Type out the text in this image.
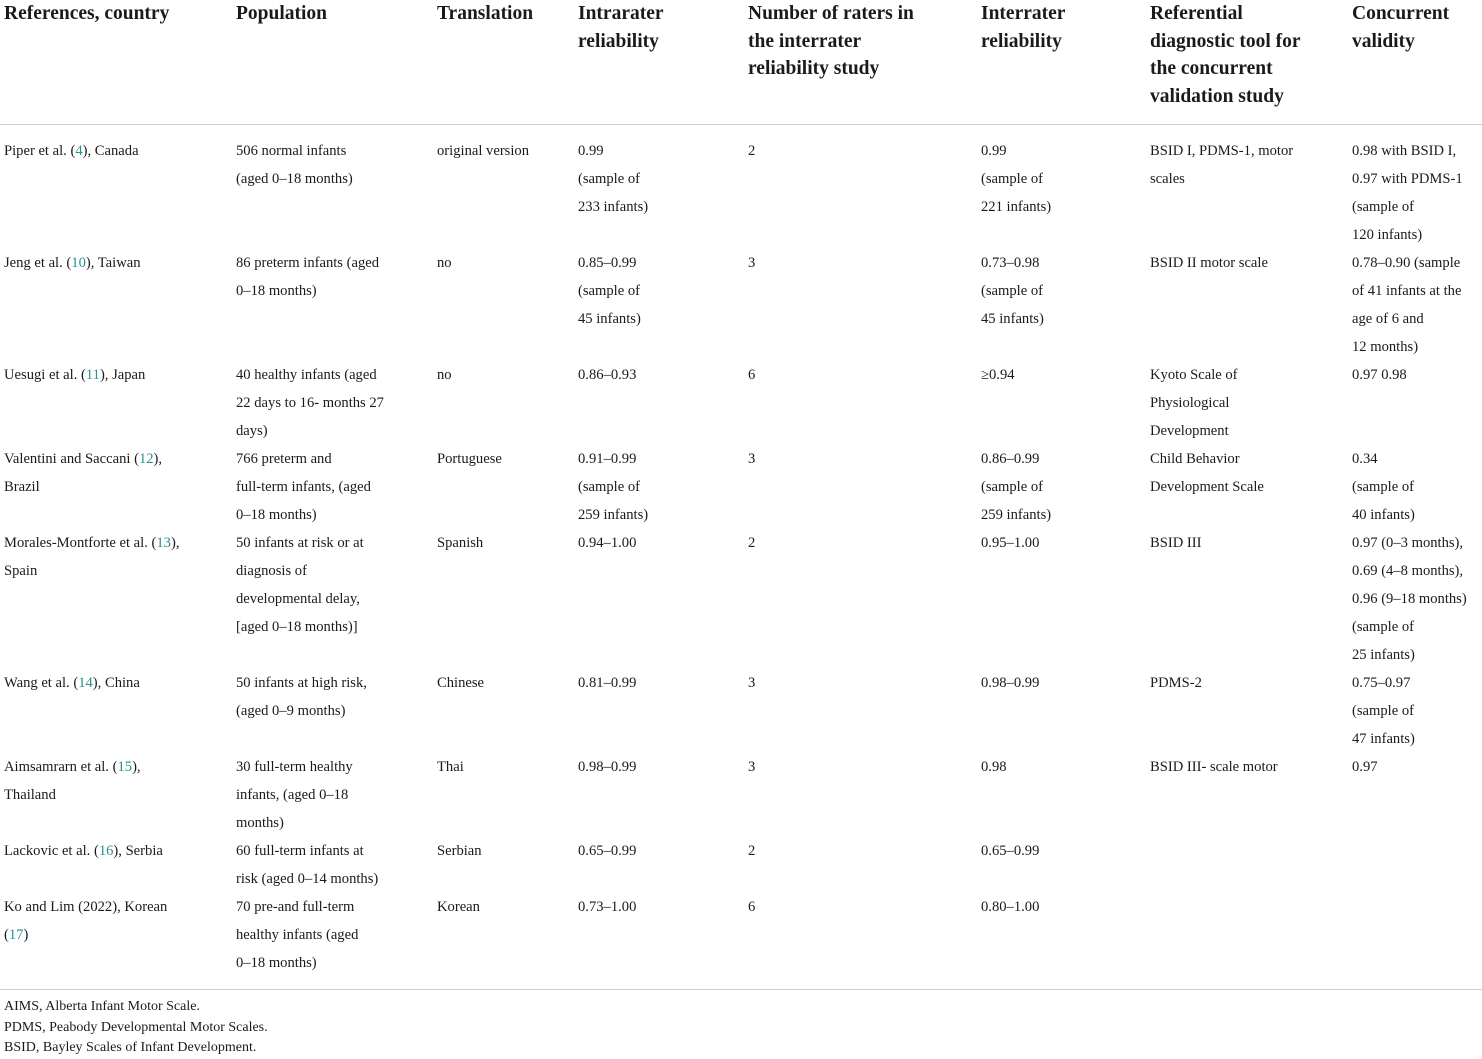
References, country	Population	Translation	Intrarater
reliability	Number of raters in
the interrater
reliability study	Interrater
reliability	Referential
diagnostic tool for
the concurrent
validation study	Concurrent
validity

Piper et al. (4), Canada	506 normal infants
(aged 0–18 months)	original version	0.99
(sample of
233 infants)	2	0.99
(sample of
221 infants)	BSID I, PDMS-1, motor
scales	0.98 with BSID I,
0.97 with PDMS-1
(sample of
120 infants)

Jeng et al. (10), Taiwan	86 preterm infants (aged
0–18 months)	no	0.85–0.99
(sample of
45 infants)	3	0.73–0.98
(sample of
45 infants)	BSID II motor scale	0.78–0.90 (sample
of 41 infants at the
age of 6 and
12 months)

Uesugi et al. (11), Japan	40 healthy infants (aged
22 days to 16- months 27
days)	no	0.86–0.93	6	≥0.94	Kyoto Scale of
Physiological
Development	0.97 0.98

Valentini and Saccani (12),
Brazil	766 preterm and
full-term infants, (aged
0–18 months)	Portuguese	0.91–0.99
(sample of
259 infants)	3	0.86–0.99
(sample of
259 infants)	Child Behavior
Development Scale	0.34
(sample of
40 infants)

Morales-Montforte et al. (13),
Spain	50 infants at risk or at
diagnosis of
developmental delay,
[aged 0–18 months)]	Spanish	0.94–1.00	2	0.95–1.00	BSID III	0.97 (0–3 months),
0.69 (4–8 months),
0.96 (9–18 months)
(sample of
25 infants)

Wang et al. (14), China	50 infants at high risk,
(aged 0–9 months)	Chinese	0.81–0.99	3	0.98–0.99	PDMS-2	0.75–0.97
(sample of
47 infants)

Aimsamrarn et al. (15),
Thailand	30 full-term healthy
infants, (aged 0–18
months)	Thai	0.98–0.99	3	0.98	BSID III- scale motor	0.97

Lackovic et al. (16), Serbia	60 full-term infants at
risk (aged 0–14 months)	Serbian	0.65–0.99	2	0.65–0.99		

Ko and Lim (2022), Korean
(17)	70 pre-and full-term
healthy infants (aged
0–18 months)	Korean	0.73–1.00	6	0.80–1.00		

AIMS, Alberta Infant Motor Scale.
PDMS, Peabody Developmental Motor Scales.
BSID, Bayley Scales of Infant Development.
